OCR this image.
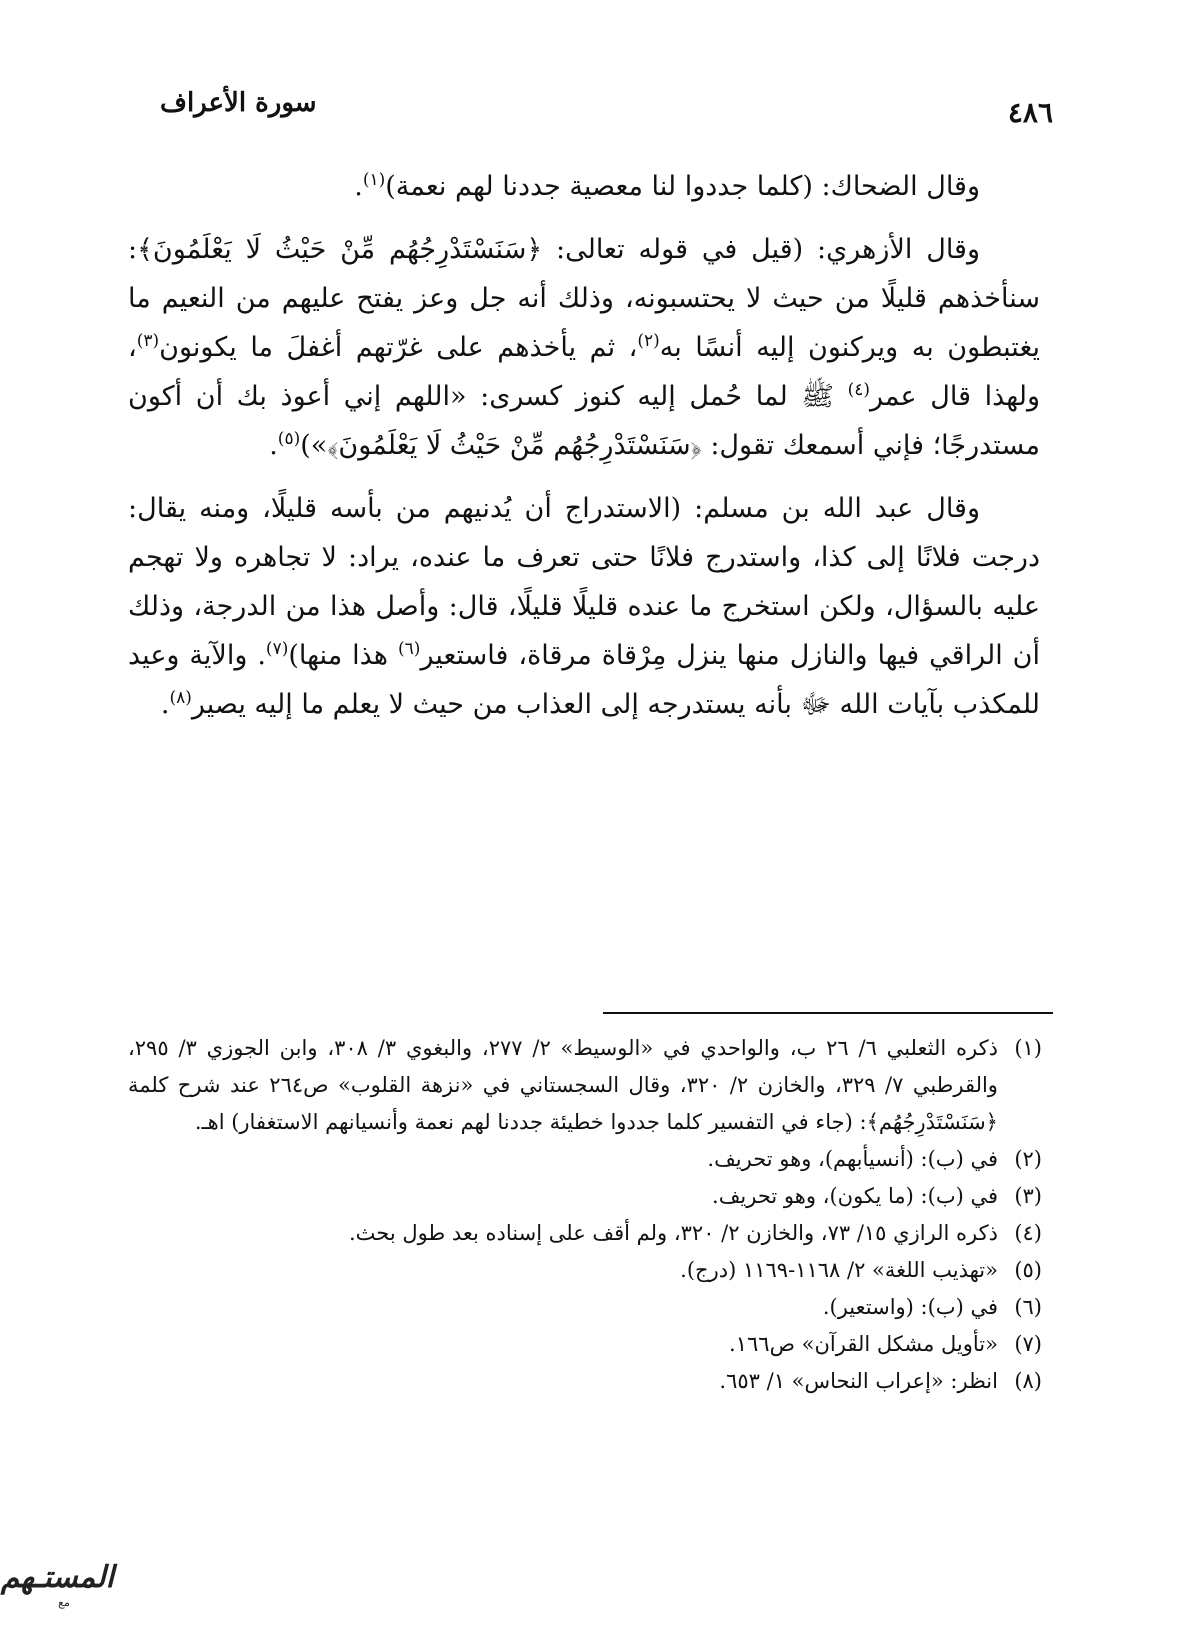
سورة الأعراف	٤٨٦

وقال الضحاك: (كلما جددوا لنا معصية جددنا لهم نعمة)$^{(١)}$.

وقال الأزهري: (قيل في قوله تعالى: ﴿سَنَسْتَدْرِجُهُم مِّنْ حَيْثُ لَا يَعْلَمُونَ﴾: سنأخذهم قليلًا من حيث لا يحتسبونه، وذلك أنه جل وعز يفتح عليهم من النعيم ما يغتبطون به ويركنون إليه أنسًا به$^{(٢)}$، ثم يأخذهم على غرّتهم أغفلَ ما يكونون$^{(٣)}$، ولهذا قال عمر$^{(٤)}$ ﷺ لما حُمل إليه كنوز كسرى: «اللهم إني أعوذ بك أن أكون مستدرجًا؛ فإني أسمعك تقول: ﴿سَنَسْتَدْرِجُهُم مِّنْ حَيْثُ لَا يَعْلَمُونَ﴾»)$^{(٥)}$.

وقال عبد الله بن مسلم: (الاستدراج أن يُدنيهم من بأسه قليلًا، ومنه يقال: درجت فلانًا إلى كذا، واستدرج فلانًا حتى تعرف ما عنده، يراد: لا تجاهره ولا تهجم عليه بالسؤال، ولكن استخرج ما عنده قليلًا قليلًا، قال: وأصل هذا من الدرجة، وذلك أن الراقي فيها والنازل منها ينزل مِرْقاة مرقاة، فاستعير$^{(٦)}$ هذا منها)$^{(٧)}$. والآية وعيد للمكذب بآيات الله ﷻ بأنه يستدرجه إلى العذاب من حيث لا يعلم ما إليه يصير$^{(٨)}$.

(١)
ذكره الثعلبي ٦/ ٢٦ ب، والواحدي في «الوسيط» ٢/ ٢٧٧، والبغوي ٣/ ٣٠٨، وابن الجوزي ٣/ ٢٩٥، والقرطبي ٧/ ٣٢٩، والخازن ٢/ ٣٢٠، وقال السجستاني في «نزهة القلوب» ص٢٦٤ عند شرح كلمة ﴿سَنَسْتَدْرِجُهُم﴾: (جاء في التفسير كلما جددوا خطيئة جددنا لهم نعمة وأنسيانهم الاستغفار) اهـ.
(٢)
في (ب): (أنسيأبهم)، وهو تحريف.
(٣)
في (ب): (ما يكون)، وهو تحريف.
(٤)
ذكره الرازي ١٥/ ٧٣، والخازن ٢/ ٣٢٠، ولم أقف على إسناده بعد طول بحث.
(٥)
«تهذيب اللغة» ٢/ ١١٦٨-١١٦٩ (درج).
(٦)
في (ب): (واستعير).
(٧)
«تأويل مشكل القرآن» ص١٦٦.
(٨)
انظر: «إعراب النحاس» ١/ ٦٥٣.
المستـهم
مع
